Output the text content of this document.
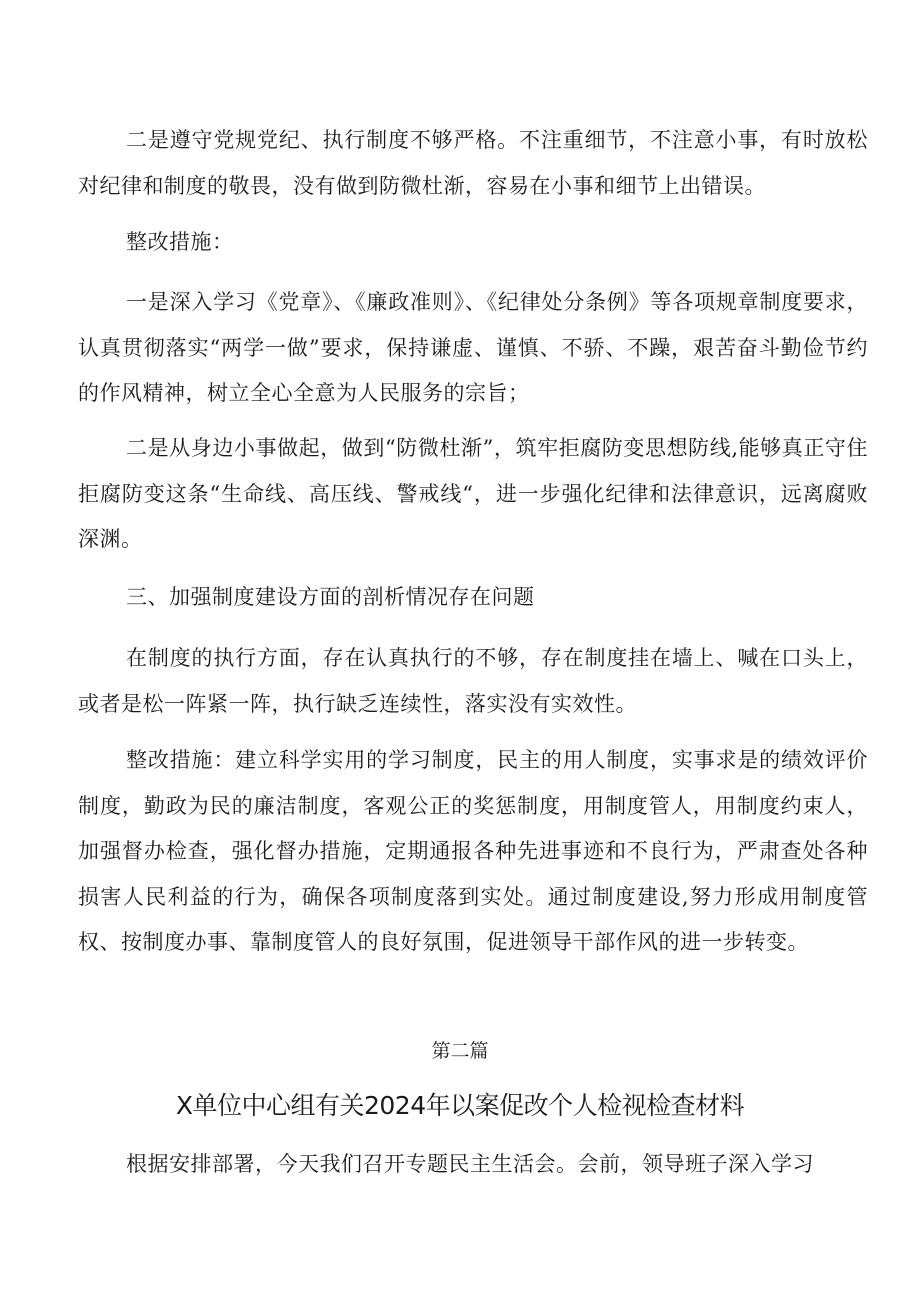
二是遵守党规党纪、执行制度不够严格。不注重细节，不注意小事，有时放松对纪律和制度的敬畏，没有做到防微杜渐，容易在小事和细节上出错误。

整改措施：

一是深入学习《党章》、《廉政准则》、《纪律处分条例》等各项规章制度要求，认真贯彻落实“两学一做”要求，保持谦虚、谨慎、不骄、不躁，艰苦奋斗勤俭节约的作风精神，树立全心全意为人民服务的宗旨；

二是从身边小事做起，做到“防微杜渐”，筑牢拒腐防变思想防线,能够真正守住拒腐防变这条“生命线、高压线、警戒线“，进一步强化纪律和法律意识，远离腐败深渊。

三、加强制度建设方面的剖析情况存在问题

在制度的执行方面，存在认真执行的不够，存在制度挂在墙上、喊在口头上，或者是松一阵紧一阵，执行缺乏连续性，落实没有实效性。

整改措施：建立科学实用的学习制度，民主的用人制度，实事求是的绩效评价制度，勤政为民的廉洁制度，客观公正的奖惩制度，用制度管人，用制度约束人，加强督办检查，强化督办措施，定期通报各种先进事迹和不良行为，严肃查处各种损害人民利益的行为，确保各项制度落到实处。通过制度建设,努力形成用制度管权、按制度办事、靠制度管人的良好氛围，促进领导干部作风的进一步转变。

第二篇

X单位中心组有关2024年以案促改个人检视检查材料

根据安排部署，今天我们召开专题民主生活会。会前，领导班子深入学习
